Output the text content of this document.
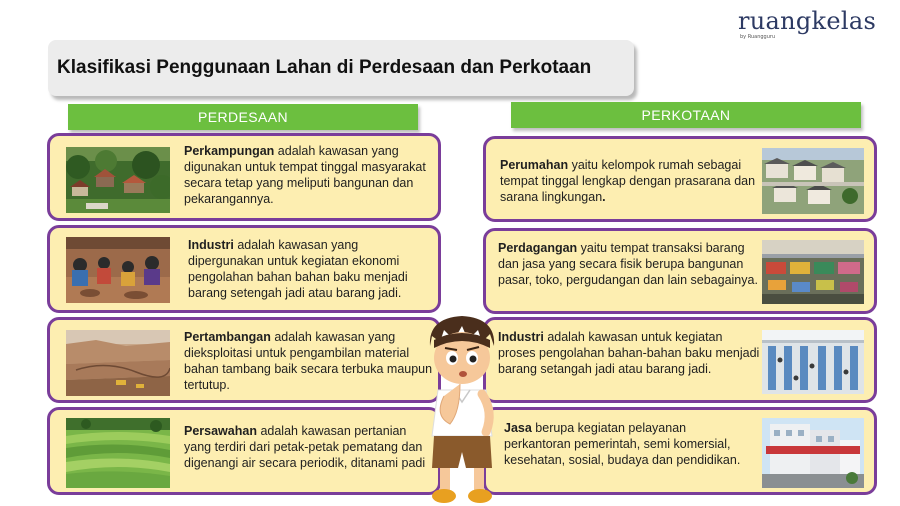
ruangkelas
by Ruangguru
Klasifikasi Penggunaan Lahan di Perdesaan dan Perkotaan
PERDESAAN	PERKOTAAN
Perkampungan adalah kawasan yang digunakan untuk tempat tinggal masyarakat secara tetap yang meliputi bangunan dan pekarangannya.
Industri adalah kawasan yang dipergunakan untuk kegiatan ekonomi pengolahan bahan bahan baku menjadi barang setengah jadi atau barang jadi.
Pertambangan adalah kawasan yang dieksploitasi untuk pengambilan material bahan tambang baik secara terbuka maupun tertutup.
Persawahan adalah kawasan pertanian yang terdiri dari petak-petak pematang dan digenangi air secara periodik, ditanami padi
Perumahan yaitu kelompok rumah sebagai tempat tinggal lengkap dengan prasarana dan sarana lingkungan.
Perdagangan yaitu tempat transaksi barang dan jasa yang secara fisik berupa bangunan pasar, toko, pergudangan dan lain sebagainya.
Industri adalah kawasan untuk kegiatan proses pengolahan bahan-bahan baku menjadi barang setangah jadi atau barang jadi.
Jasa berupa kegiatan pelayanan perkantoran pemerintah, semi komersial, kesehatan, sosial, budaya dan pendidikan.
